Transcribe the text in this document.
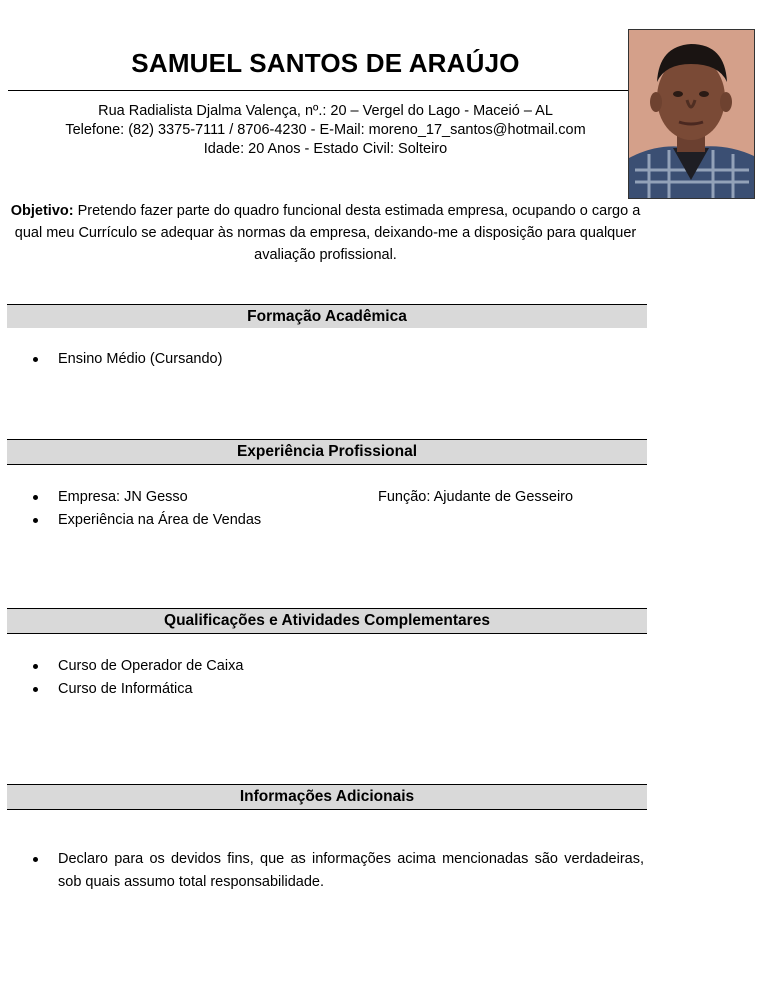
SAMUEL SANTOS DE ARAÚJO
Rua Radialista Djalma Valença, nº.: 20 – Vergel do Lago - Maceió – AL
Telefone: (82) 3375-7111 / 8706-4230 - E-Mail: moreno_17_santos@hotmail.com
Idade: 20 Anos - Estado Civil: Solteiro
Objetivo: Pretendo fazer parte do quadro funcional desta estimada empresa, ocupando o cargo a qual meu Currículo se adequar às normas da empresa, deixando-me a disposição para qualquer avaliação profissional.
Formação Acadêmica
Ensino Médio (Cursando)
Experiência Profissional
Empresa: JN Gesso	Função: Ajudante de Gesseiro
Experiência na Área de Vendas
Qualificações e Atividades Complementares
Curso de Operador de Caixa
Curso de Informática
Informações Adicionais
Declaro para os devidos fins, que as informações acima mencionadas são verdadeiras, sob quais assumo total responsabilidade.
